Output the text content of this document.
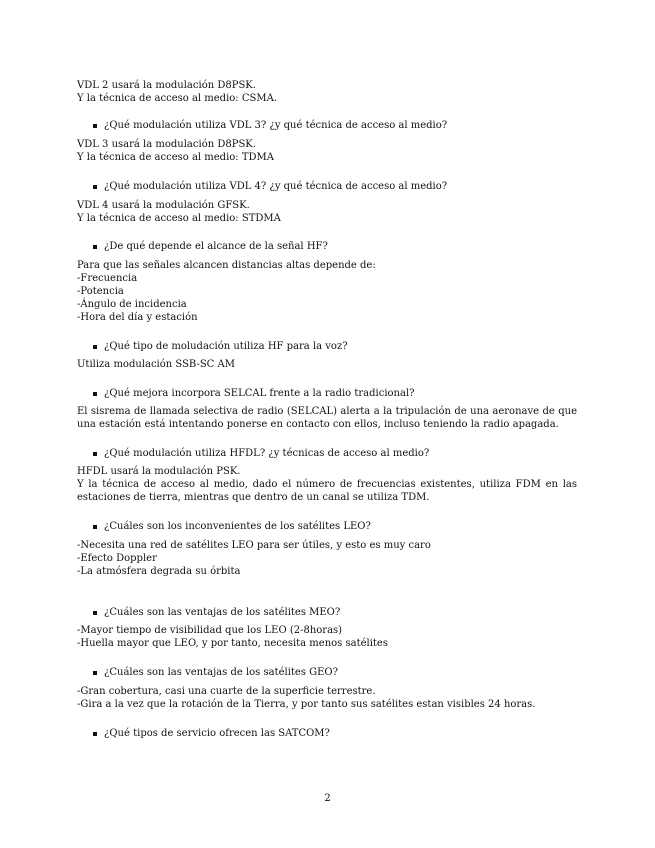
VDL 2 usará la modulación D8PSK.
Y la técnica de acceso al medio: CSMA.
¿Qué modulación utiliza VDL 3? ¿y qué técnica de acceso al medio?
VDL 3 usará la modulación D8PSK.
Y la técnica de acceso al medio: TDMA
¿Qué modulación utiliza VDL 4? ¿y qué técnica de acceso al medio?
VDL 4 usará la modulación GFSK.
Y la técnica de acceso al medio: STDMA
¿De qué depende el alcance de la señal HF?
Para que las señales alcancen distancias altas depende de:
-Frecuencia
-Potencia
-Ángulo de incidencia
-Hora del día y estación
¿Qué tipo de moludación utiliza HF para la voz?
Utiliza modulación SSB-SC AM
¿Qué mejora incorpora SELCAL frente a la radio tradicional?
El sisrema de llamada selectiva de radio (SELCAL) alerta a la tripulación de una aeronave de que una estación está intentando ponerse en contacto con ellos, incluso teniendo la radio apagada.
¿Qué modulación utiliza HFDL? ¿y técnicas de acceso al medio?
HFDL usará la modulación PSK.
Y la técnica de acceso al medio, dado el número de frecuencias existentes, utiliza FDM en las estaciones de tierra, mientras que dentro de un canal se utiliza TDM.
¿Cuáles son los inconvenientes de los satélites LEO?
-Necesita una red de satélites LEO para ser útiles, y esto es muy caro
-Efecto Doppler
-La atmósfera degrada su órbita
¿Cuáles son las ventajas de los satélites MEO?
-Mayor tiempo de visibilidad que los LEO (2-8horas)
-Huella mayor que LEO, y por tanto, necesita menos satélites
¿Cuáles son las ventajas de los satélites GEO?
-Gran cobertura, casi una cuarte de la superficie terrestre.
-Gira a la vez que la rotación de la Tierra, y por tanto sus satélites estan visibles 24 horas.
¿Qué tipos de servicio ofrecen las SATCOM?
2
